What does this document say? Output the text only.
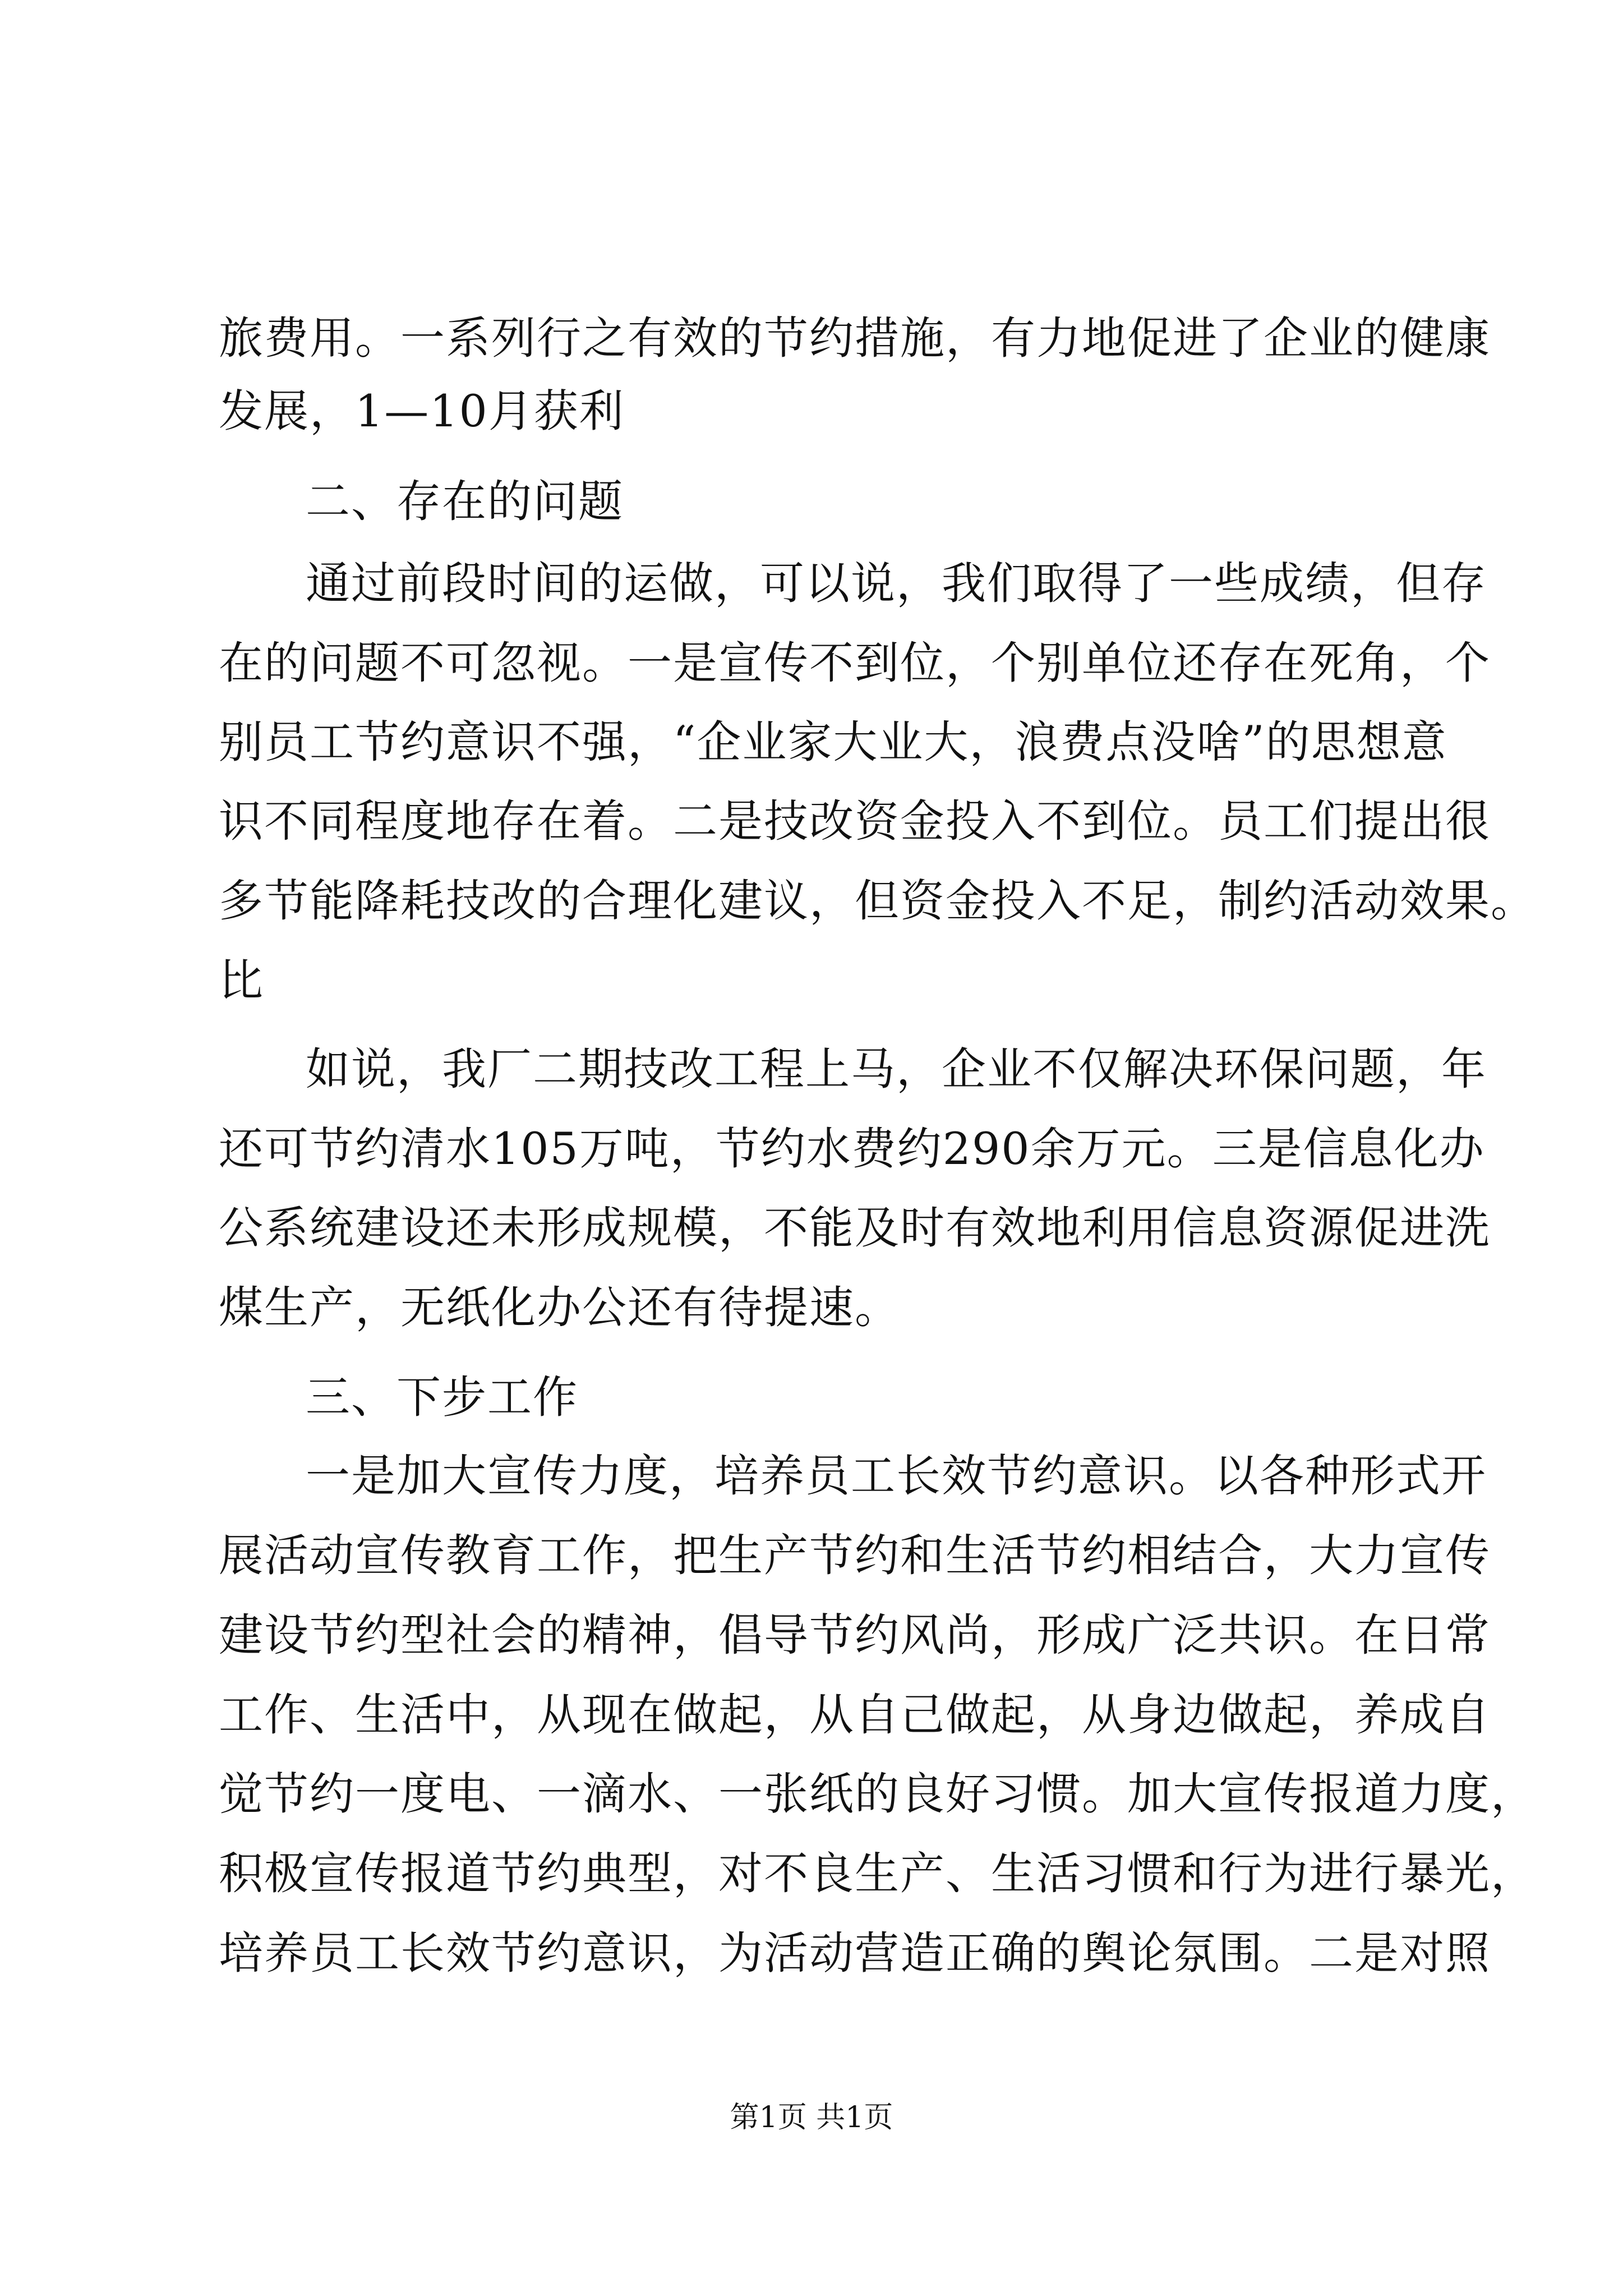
旅费用。一系列行之有效的节约措施，有力地促进了企业的健康
发展，1—10月获利
二、存在的问题
通过前段时间的运做，可以说，我们取得了一些成绩，但存
在的问题不可忽视。一是宣传不到位，个别单位还存在死角，个
别员工节约意识不强，“企业家大业大，浪费点没啥”的思想意
识不同程度地存在着。二是技改资金投入不到位。员工们提出很
多节能降耗技改的合理化建议，但资金投入不足，制约活动效果。
比
如说，我厂二期技改工程上马，企业不仅解决环保问题，年
还可节约清水105万吨，节约水费约290余万元。三是信息化办
公系统建设还未形成规模，不能及时有效地利用信息资源促进洗
煤生产，无纸化办公还有待提速。
三、下步工作
一是加大宣传力度，培养员工长效节约意识。以各种形式开
展活动宣传教育工作，把生产节约和生活节约相结合，大力宣传
建设节约型社会的精神，倡导节约风尚，形成广泛共识。在日常
工作、生活中，从现在做起，从自己做起，从身边做起，养成自
觉节约一度电、一滴水、一张纸的良好习惯。加大宣传报道力度，
积极宣传报道节约典型，对不良生产、生活习惯和行为进行暴光，
培养员工长效节约意识，为活动营造正确的舆论氛围。二是对照
第1页 共1页
